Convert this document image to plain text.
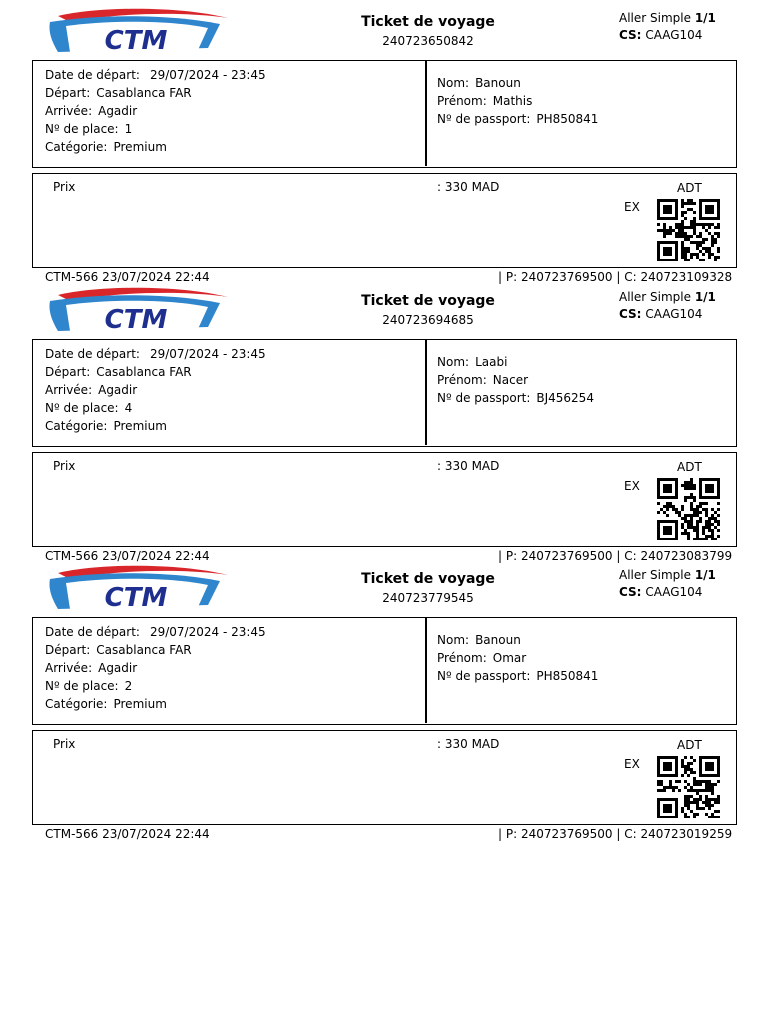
CTM
Ticket de voyage
240723650842
Aller Simple 1/1
CS: CAAG104
Date de départ: 29/07/2024 - 23:45
Départ: Casablanca FAR
Arrivée: Agadir
Nº de place: 1
Catégorie: Premium
Nom: Banoun
Prénom: Mathis
Nº de passport: PH850841
Prix	: 330 MAD	ADT
EX
CTM-566 23/07/2024 22:44	| P: 240723769500 | C: 240723109328
CTM
Ticket de voyage
240723694685
Aller Simple 1/1
CS: CAAG104
Date de départ: 29/07/2024 - 23:45
Départ: Casablanca FAR
Arrivée: Agadir
Nº de place: 4
Catégorie: Premium
Nom: Laabi
Prénom: Nacer
Nº de passport: BJ456254
Prix	: 330 MAD	ADT
EX
CTM-566 23/07/2024 22:44	| P: 240723769500 | C: 240723083799
CTM
Ticket de voyage
240723779545
Aller Simple 1/1
CS: CAAG104
Date de départ: 29/07/2024 - 23:45
Départ: Casablanca FAR
Arrivée: Agadir
Nº de place: 2
Catégorie: Premium
Nom: Banoun
Prénom: Omar
Nº de passport: PH850841
Prix	: 330 MAD	ADT
EX
CTM-566 23/07/2024 22:44	| P: 240723769500 | C: 240723019259
